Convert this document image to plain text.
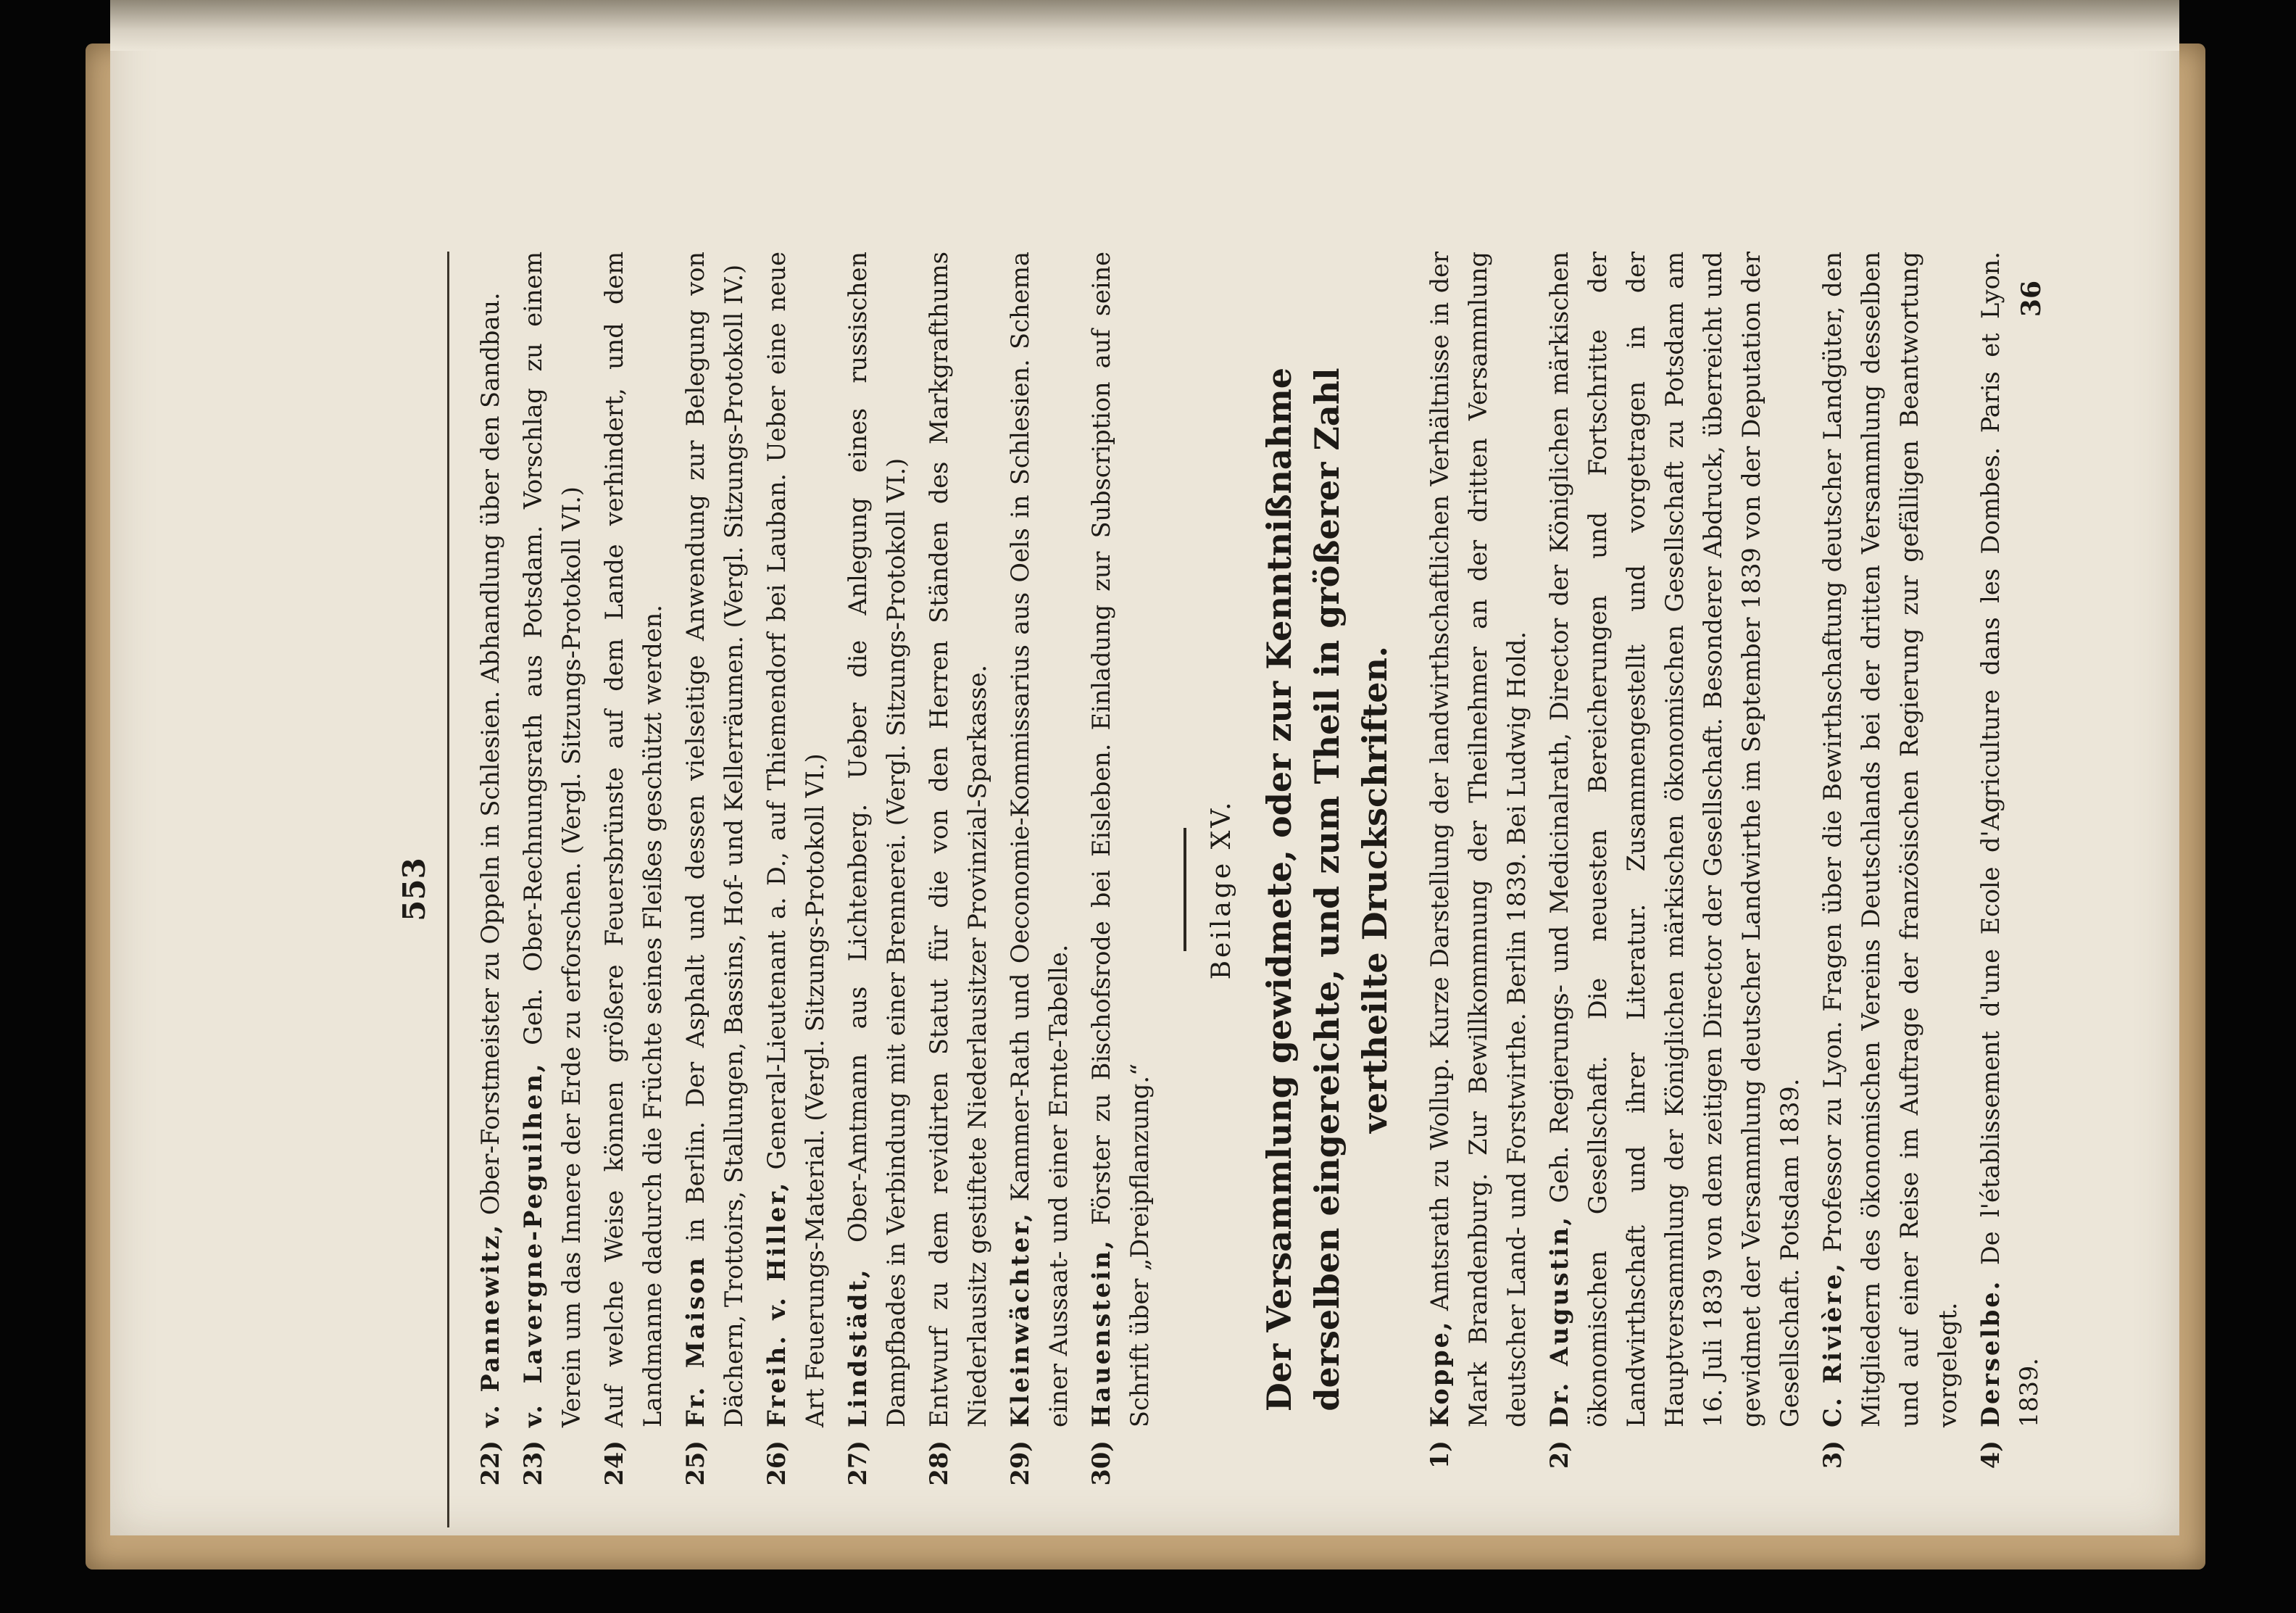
553
22)
v. Pannewitz, Ober-Forstmeister zu Oppeln in Schlesien. Abhandlung über den Sandbau.
23)
v. Lavergne-Peguilhen, Geh. Ober-Rechnungsrath aus Potsdam. Vorschlag zu einem Verein um das Innere der Erde zu erforschen. (Vergl. Sitzungs-Protokoll VI.)
24)
Auf welche Weise können größere Feuersbrünste auf dem Lande verhindert, und dem Landmanne dadurch die Früchte seines Fleißes geschützt werden.
25)
Fr. Maison in Berlin. Der Asphalt und dessen vielseitige Anwendung zur Belegung von Dächern, Trottoirs, Stallungen, Bassins, Hof- und Kellerräumen. (Vergl. Sitzungs-Protokoll IV.)
26)
Freih. v. Hiller, General-Lieutenant a. D., auf Thiemendorf bei Lauban. Ueber eine neue Art Feuerungs-Material. (Vergl. Sitzungs-Protokoll VI.)
27)
Lindstädt, Ober-Amtmann aus Lichtenberg. Ueber die Anlegung eines russischen Dampfbades in Verbindung mit einer Brennerei. (Vergl. Sitzungs-Protokoll VI.)
28)
Entwurf zu dem revidirten Statut für die von den Herren Ständen des Markgrafthums Niederlausitz gestiftete Niederlausitzer Provinzial-Sparkasse.
29)
Kleinwächter, Kammer-Rath und Oeconomie-Kommissarius aus Oels in Schlesien. Schema einer Aussaat- und einer Ernte-Tabelle.
30)
Hauenstein, Förster zu Bischofsrode bei Eisleben. Einladung zur Subscription auf seine Schrift über „Dreipflanzung.“
Beilage XV. Der Versammlung gewidmete, oder zur Kenntnißnahme derselben eingereichte, und zum Theil in größerer Zahl vertheilte Druckschriften.
1)
Koppe, Amtsrath zu Wollup. Kurze Darstellung der landwirthschaftlichen Verhältnisse in der Mark Brandenburg. Zur Bewillkommnung der Theilnehmer an der dritten Versammlung deutscher Land- und Forstwirthe. Berlin 1839. Bei Ludwig Hold.
2)
Dr. Augustin, Geh. Regierungs- und Medicinalrath, Director der Königlichen märkischen ökonomischen Gesellschaft. Die neuesten Bereicherungen und Fortschritte der Landwirthschaft und ihrer Literatur. Zusammengestellt und vorgetragen in der Hauptversammlung der Königlichen märkischen ökonomischen Gesellschaft zu Potsdam am 16. Juli 1839 von dem zeitigen Director der Gesellschaft. Besonderer Abdruck, überreicht und gewidmet der Versammlung deutscher Landwirthe im September 1839 von der Deputation der Gesellschaft. Potsdam 1839.
3)
C. Rivière, Professor zu Lyon. Fragen über die Bewirthschaftung deutscher Landgüter, den Mitgliedern des ökonomischen Vereins Deutschlands bei der dritten Versammlung desselben und auf einer Reise im Auftrage der französischen Regierung zur gefälligen Beantwortung vorgelegt.
4)
Derselbe. De l'établissement d'une Ecole d'Agriculture dans les Dombes. Paris et Lyon. 1839.
36
